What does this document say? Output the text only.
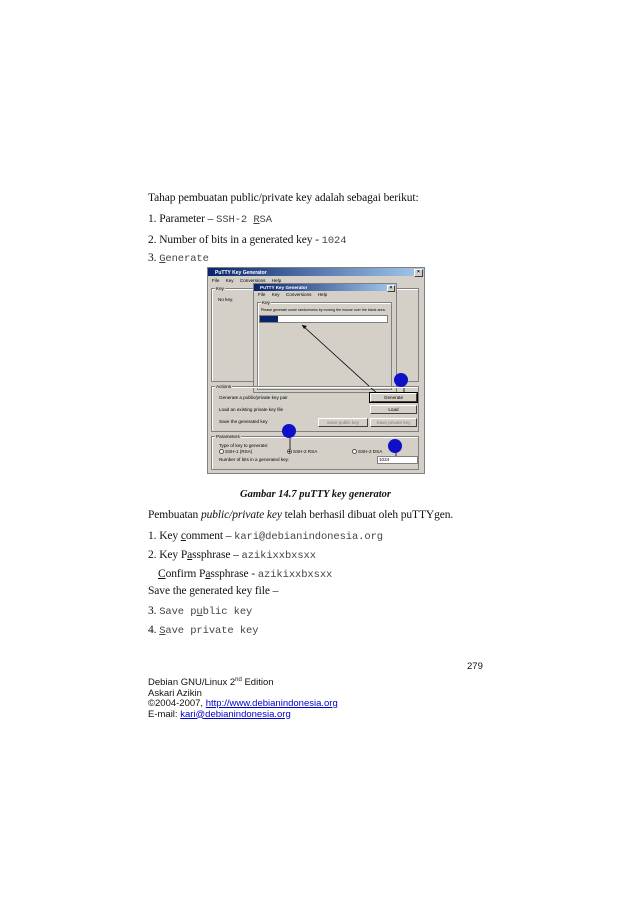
Tahap pembuatan public/private key adalah sebagai berikut:
1. Parameter – SSH-2 RSA
2. Number of bits in a generated key - 1024
3. Generate
PuTTY Key Generator	×
File Key Conversions Help
Key
No key.
PuTTY Key Generator	×
File Key Conversions Help
Key
Please generate some randomness by moving the mouse over the blank area.
Actions
Generate a public/private key pair
Load an existing private key file
Save the generated key
Generate
Load
Save public key	Save private key
Parameters
Type of key to generate:
SSH-1 (RSA)	SSH-2 RSA	SSH-2 DSA
Number of bits in a generated key:	1024
Gambar 14.7 puTTY key generator
Pembuatan public/private key telah berhasil dibuat oleh puTTYgen.
1. Key comment – kari@debianindonesia.org
2. Key Passphrase – azikixxbxsxx
Confirm Passphrase - azikixxbxsxx
Save the generated key file –
3. Save public key
4. Save private key
279
Debian GNU/Linux 2nd Edition
Askari Azikin
©2004-2007, http://www.debianindonesia.org
E-mail: kari@debianindonesia.org
